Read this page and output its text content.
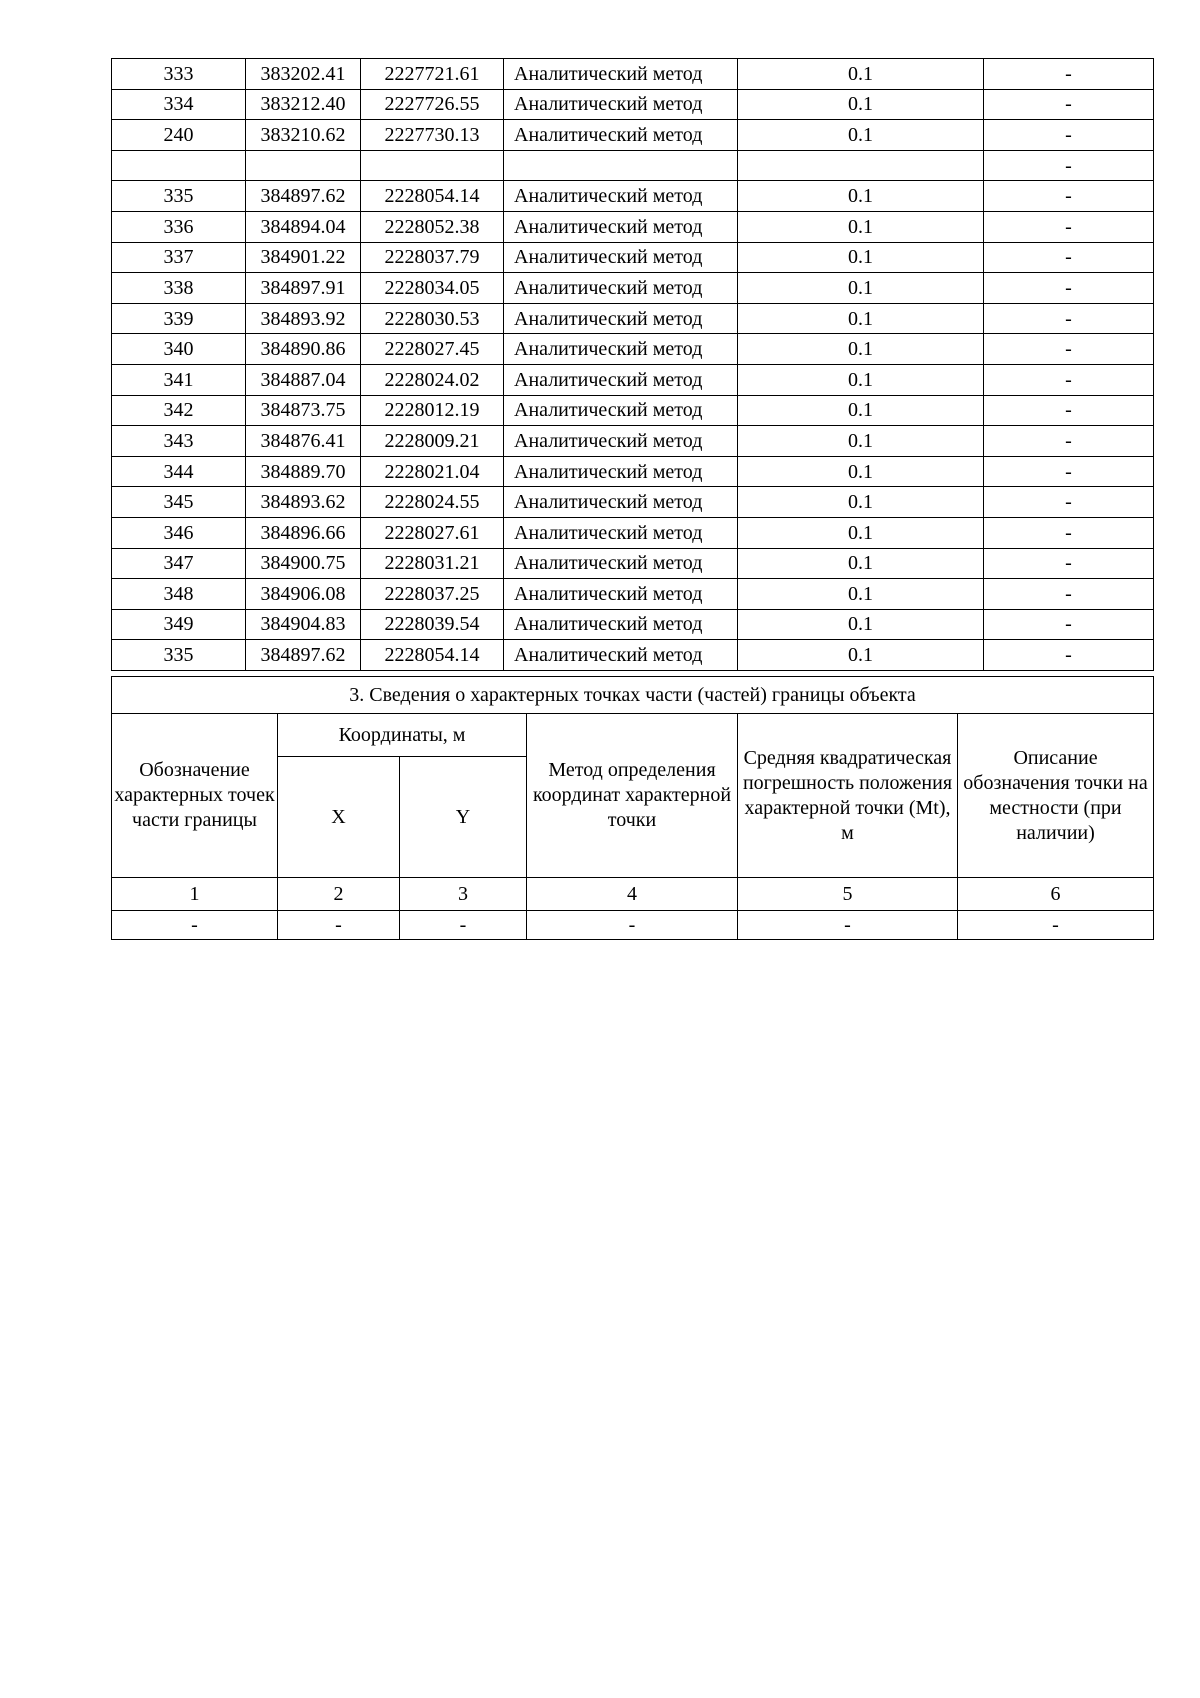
333	383202.41	2227721.61	Аналитический метод	0.1	-
334	383212.40	2227726.55	Аналитический метод	0.1	-
240	383210.62	2227730.13	Аналитический метод	0.1	-
					-
335	384897.62	2228054.14	Аналитический метод	0.1	-
336	384894.04	2228052.38	Аналитический метод	0.1	-
337	384901.22	2228037.79	Аналитический метод	0.1	-
338	384897.91	2228034.05	Аналитический метод	0.1	-
339	384893.92	2228030.53	Аналитический метод	0.1	-
340	384890.86	2228027.45	Аналитический метод	0.1	-
341	384887.04	2228024.02	Аналитический метод	0.1	-
342	384873.75	2228012.19	Аналитический метод	0.1	-
343	384876.41	2228009.21	Аналитический метод	0.1	-
344	384889.70	2228021.04	Аналитический метод	0.1	-
345	384893.62	2228024.55	Аналитический метод	0.1	-
346	384896.66	2228027.61	Аналитический метод	0.1	-
347	384900.75	2228031.21	Аналитический метод	0.1	-
348	384906.08	2228037.25	Аналитический метод	0.1	-
349	384904.83	2228039.54	Аналитический метод	0.1	-
335	384897.62	2228054.14	Аналитический метод	0.1	-
3. Сведения о характерных точках части (частей) границы объекта					
Обозначение характерных точек части границы	Координаты, м		Метод определения координат характерной точки	Средняя квадратическая погрешность положения характерной точки (Mt), м	Описание обозначения точки на местности (при наличии)
	X	Y			
1	2	3	4	5	6
-	-	-	-	-	-
